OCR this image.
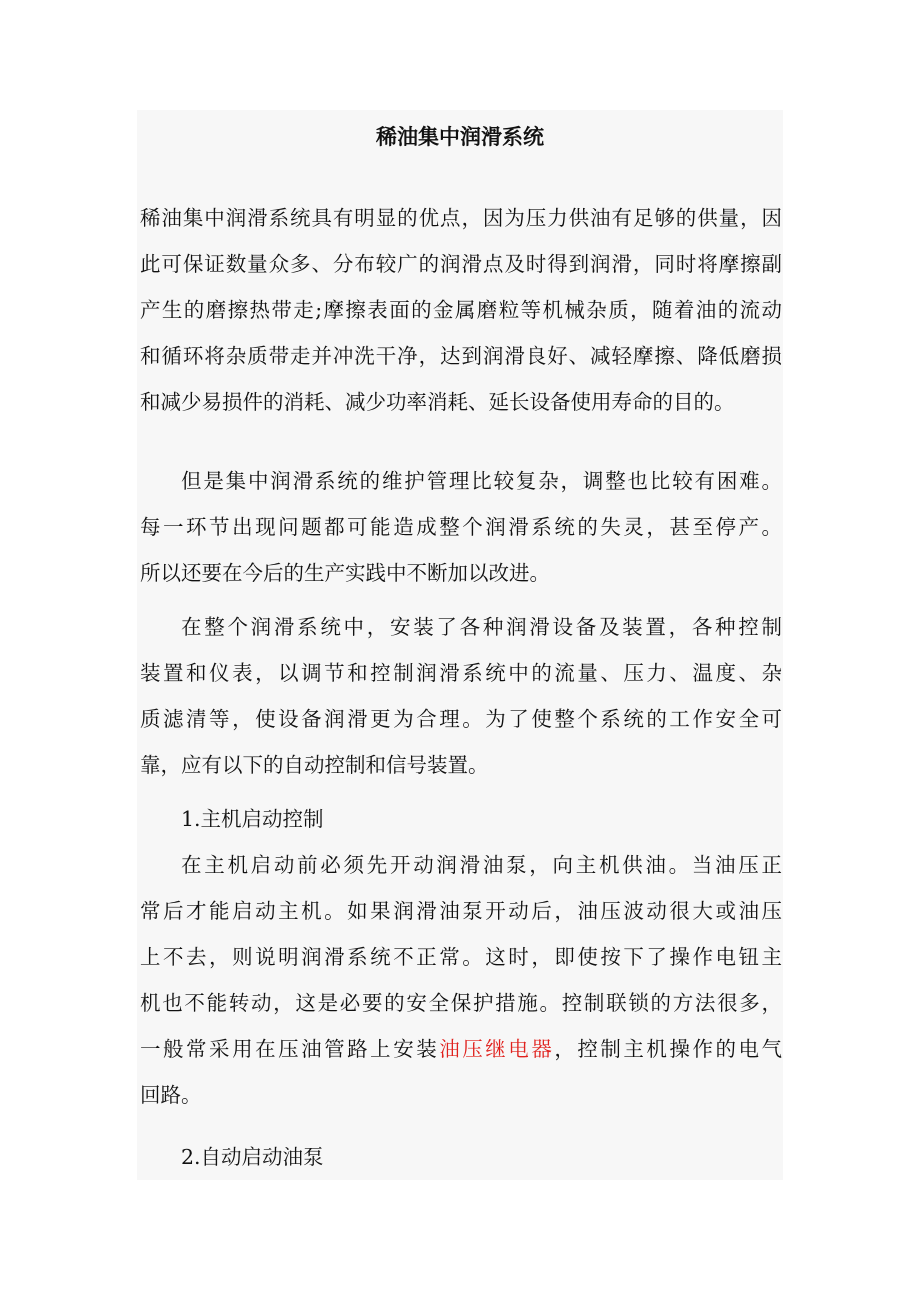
稀油集中润滑系统
稀油集中润滑系统具有明显的优点，因为压力供油有足够的供量，因
此可保证数量众多、分布较广的润滑点及时得到润滑，同时将摩擦副
产生的磨擦热带走;摩擦表面的金属磨粒等机械杂质，随着油的流动
和循环将杂质带走并冲洗干净，达到润滑良好、减轻摩擦、降低磨损
和减少易损件的消耗、减少功率消耗、延长设备使用寿命的目的。
但是集中润滑系统的维护管理比较复杂，调整也比较有困难。
每一环节出现问题都可能造成整个润滑系统的失灵，甚至停产。
所以还要在今后的生产实践中不断加以改进。
在整个润滑系统中，安装了各种润滑设备及装置，各种控制
装置和仪表，以调节和控制润滑系统中的流量、压力、温度、杂
质滤清等，使设备润滑更为合理。为了使整个系统的工作安全可
靠，应有以下的自动控制和信号装置。
1.主机启动控制
在主机启动前必须先开动润滑油泵，向主机供油。当油压正
常后才能启动主机。如果润滑油泵开动后，油压波动很大或油压
上不去，则说明润滑系统不正常。这时，即使按下了操作电钮主
机也不能转动，这是必要的安全保护措施。控制联锁的方法很多，
一般常采用在压油管路上安装油压继电器，控制主机操作的电气
回路。
2.自动启动油泵
